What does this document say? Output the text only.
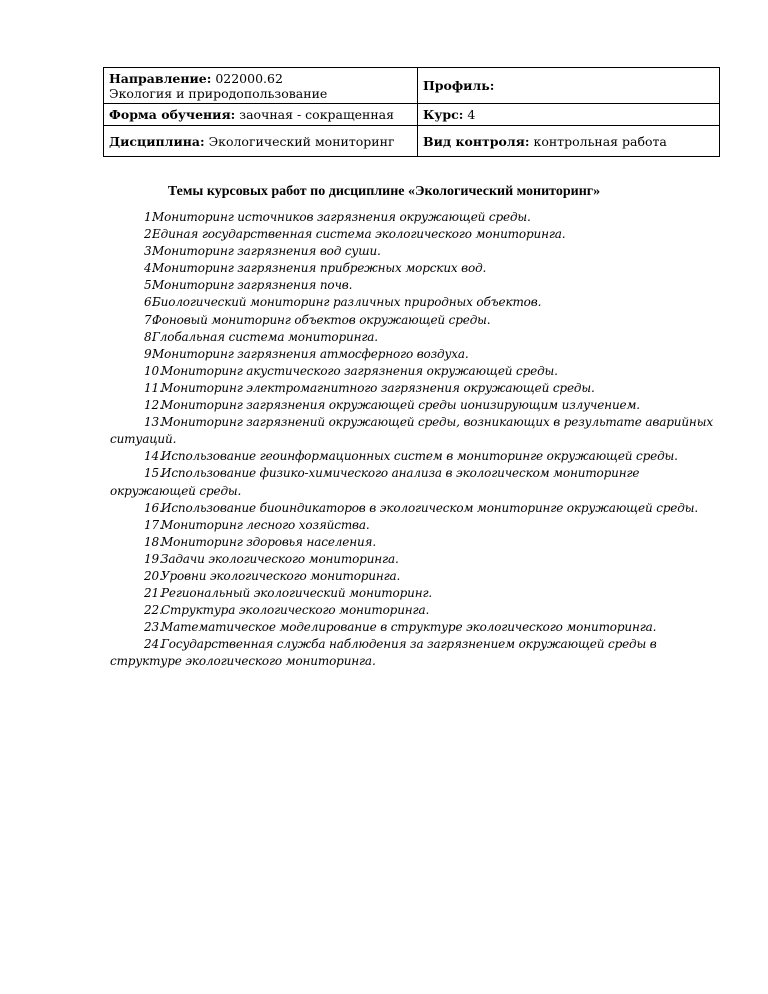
Направление: 022000.62
Экология и природопользование	Профиль:
Форма обучения: заочная - сокращенная	Курс: 4
Дисциплина: Экологический мониторинг	Вид контроля: контрольная работа
Темы курсовых работ по дисциплине «Экологический мониторинг»

1.Мониторинг источников загрязнения окружающей среды.

2.Единая государственная система экологического мониторинга.

3.Мониторинг загрязнения вод суши.

4.Мониторинг загрязнения прибрежных морских вод.

5.Мониторинг загрязнения почв.

6.Биологический мониторинг различных природных объектов.

7.Фоновый мониторинг объектов окружающей среды.

8.Глобальная система мониторинга.

9.Мониторинг загрязнения атмосферного воздуха.

10.Мониторинг акустического загрязнения окружающей среды.

11.Мониторинг электромагнитного загрязнения окружающей среды.

12.Мониторинг загрязнения окружающей среды ионизирующим излучением.

13.Мониторинг загрязнений окружающей среды, возникающих в результате аварийных ситуаций.

14.Использование геоинформационных систем в мониторинге окружающей среды.

15.Использование физико-химического анализа в экологическом мониторинге окружающей среды.

16.Использование биоиндикаторов в экологическом мониторинге окружающей среды.

17.Мониторинг лесного хозяйства.

18.Мониторинг здоровья населения.

19.Задачи экологического мониторинга.

20.Уровни экологического мониторинга.

21.Региональный экологический мониторинг.

22.Структура экологического мониторинга.

23.Математическое моделирование в структуре экологического мониторинга.

24.Государственная служба наблюдения за загрязнением окружающей среды в структуре экологического мониторинга.
